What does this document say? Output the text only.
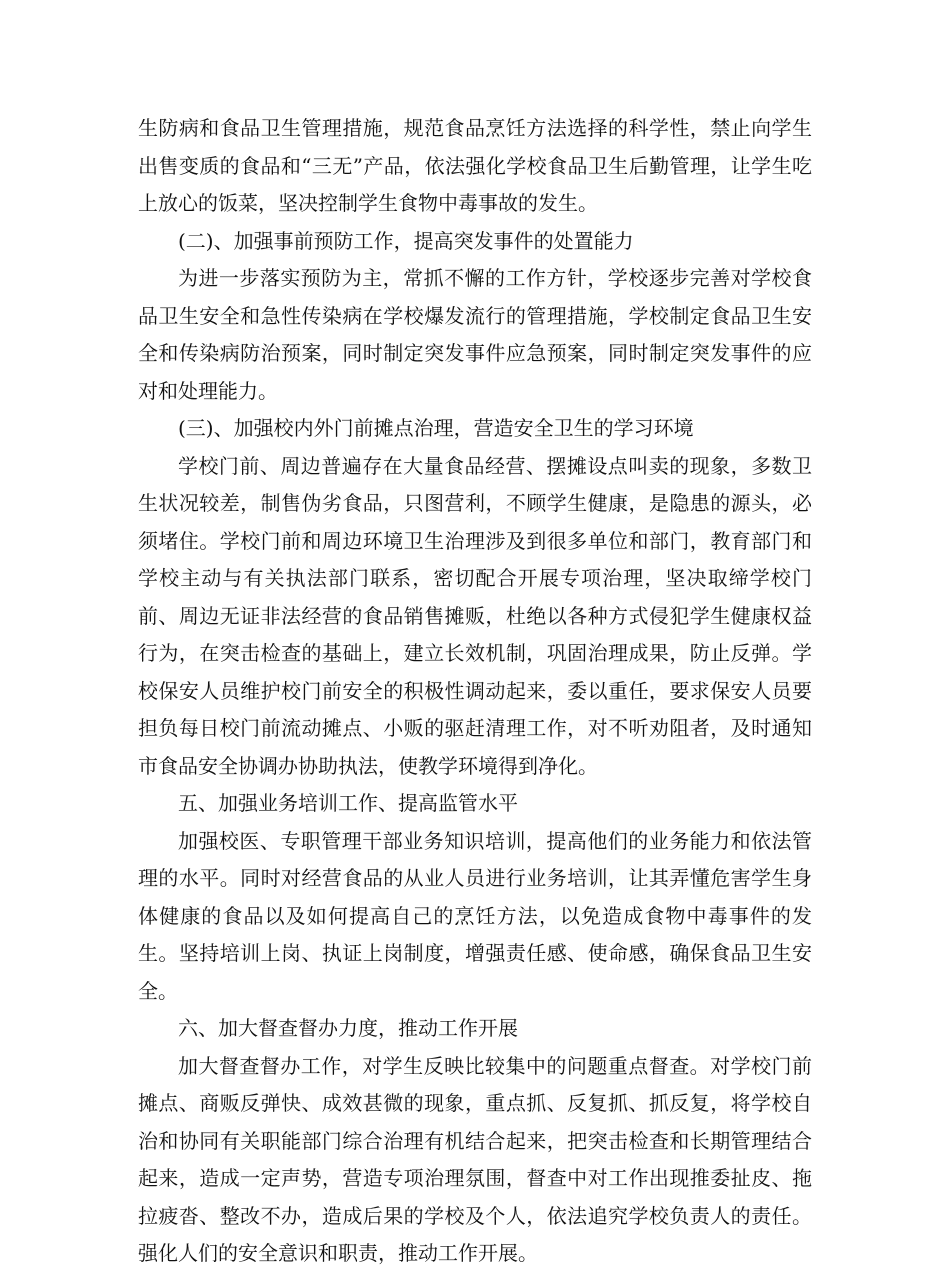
生防病和食品卫生管理措施，规范食品烹饪方法选择的科学性，禁止向学生出售变质的食品和“三无”产品，依法强化学校食品卫生后勤管理，让学生吃上放心的饭菜，坚决控制学生食物中毒事故的发生。

(二)、加强事前预防工作，提高突发事件的处置能力

为进一步落实预防为主，常抓不懈的工作方针，学校逐步完善对学校食品卫生安全和急性传染病在学校爆发流行的管理措施，学校制定食品卫生安全和传染病防治预案，同时制定突发事件应急预案，同时制定突发事件的应对和处理能力。

(三)、加强校内外门前摊点治理，营造安全卫生的学习环境

学校门前、周边普遍存在大量食品经营、摆摊设点叫卖的现象，多数卫生状况较差，制售伪劣食品，只图营利，不顾学生健康，是隐患的源头，必须堵住。学校门前和周边环境卫生治理涉及到很多单位和部门，教育部门和学校主动与有关执法部门联系，密切配合开展专项治理，坚决取缔学校门前、周边无证非法经营的食品销售摊贩，杜绝以各种方式侵犯学生健康权益行为，在突击检查的基础上，建立长效机制，巩固治理成果，防止反弹。学校保安人员维护校门前安全的积极性调动起来，委以重任，要求保安人员要担负每日校门前流动摊点、小贩的驱赶清理工作，对不听劝阻者，及时通知市食品安全协调办协助执法，使教学环境得到净化。

五、加强业务培训工作、提高监管水平

加强校医、专职管理干部业务知识培训，提高他们的业务能力和依法管理的水平。同时对经营食品的从业人员进行业务培训，让其弄懂危害学生身体健康的食品以及如何提高自己的烹饪方法，以免造成食物中毒事件的发生。坚持培训上岗、执证上岗制度，增强责任感、使命感，确保食品卫生安全。

六、加大督查督办力度，推动工作开展

加大督查督办工作，对学生反映比较集中的问题重点督查。对学校门前摊点、商贩反弹快、成效甚微的现象，重点抓、反复抓、抓反复，将学校自治和协同有关职能部门综合治理有机结合起来，把突击检查和长期管理结合起来，造成一定声势，营造专项治理氛围，督查中对工作出现推委扯皮、拖拉疲沓、整改不办，造成后果的学校及个人，依法追究学校负责人的责任。强化人们的安全意识和职责，推动工作开展。
